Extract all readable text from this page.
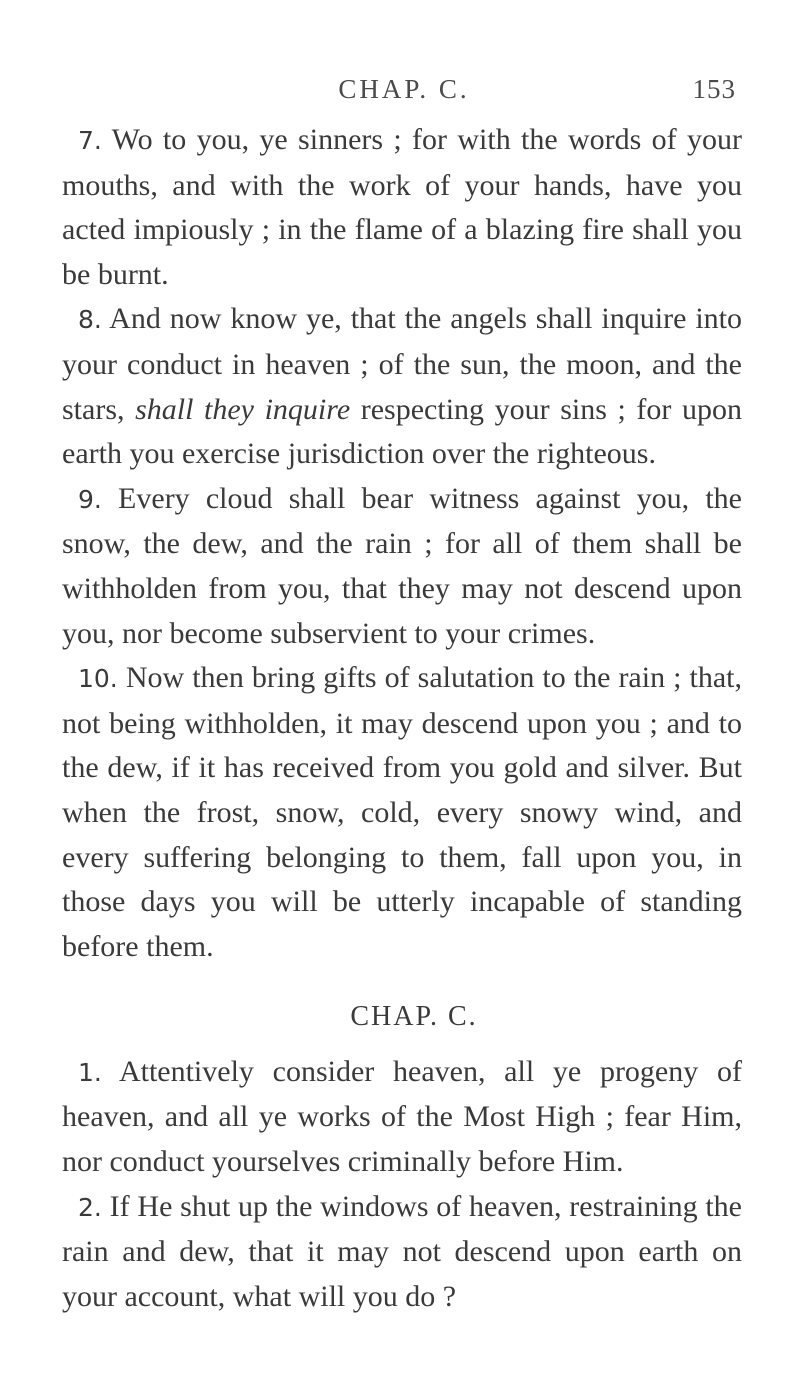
CHAP. C.	153

7. Wo to you, ye sinners ; for with the words of your mouths, and with the work of your hands, have you acted impiously ; in the flame of a blazing fire shall you be burnt.

8. And now know ye, that the angels shall inquire into your conduct in heaven ; of the sun, the moon, and the stars, shall they inquire respecting your sins ; for upon earth you exercise jurisdiction over the righteous.

9. Every cloud shall bear witness against you, the snow, the dew, and the rain ; for all of them shall be withholden from you, that they may not descend upon you, nor become subservient to your crimes.

10. Now then bring gifts of salutation to the rain ; that, not being withholden, it may descend upon you ; and to the dew, if it has received from you gold and silver. But when the frost, snow, cold, every snowy wind, and every suffering belonging to them, fall upon you, in those days you will be utterly incapable of standing before them.

CHAP. C.

1. Attentively consider heaven, all ye progeny of heaven, and all ye works of the Most High ; fear Him, nor conduct yourselves criminally before Him.

2. If He shut up the windows of heaven, restraining the rain and dew, that it may not descend upon earth on your account, what will you do ?
